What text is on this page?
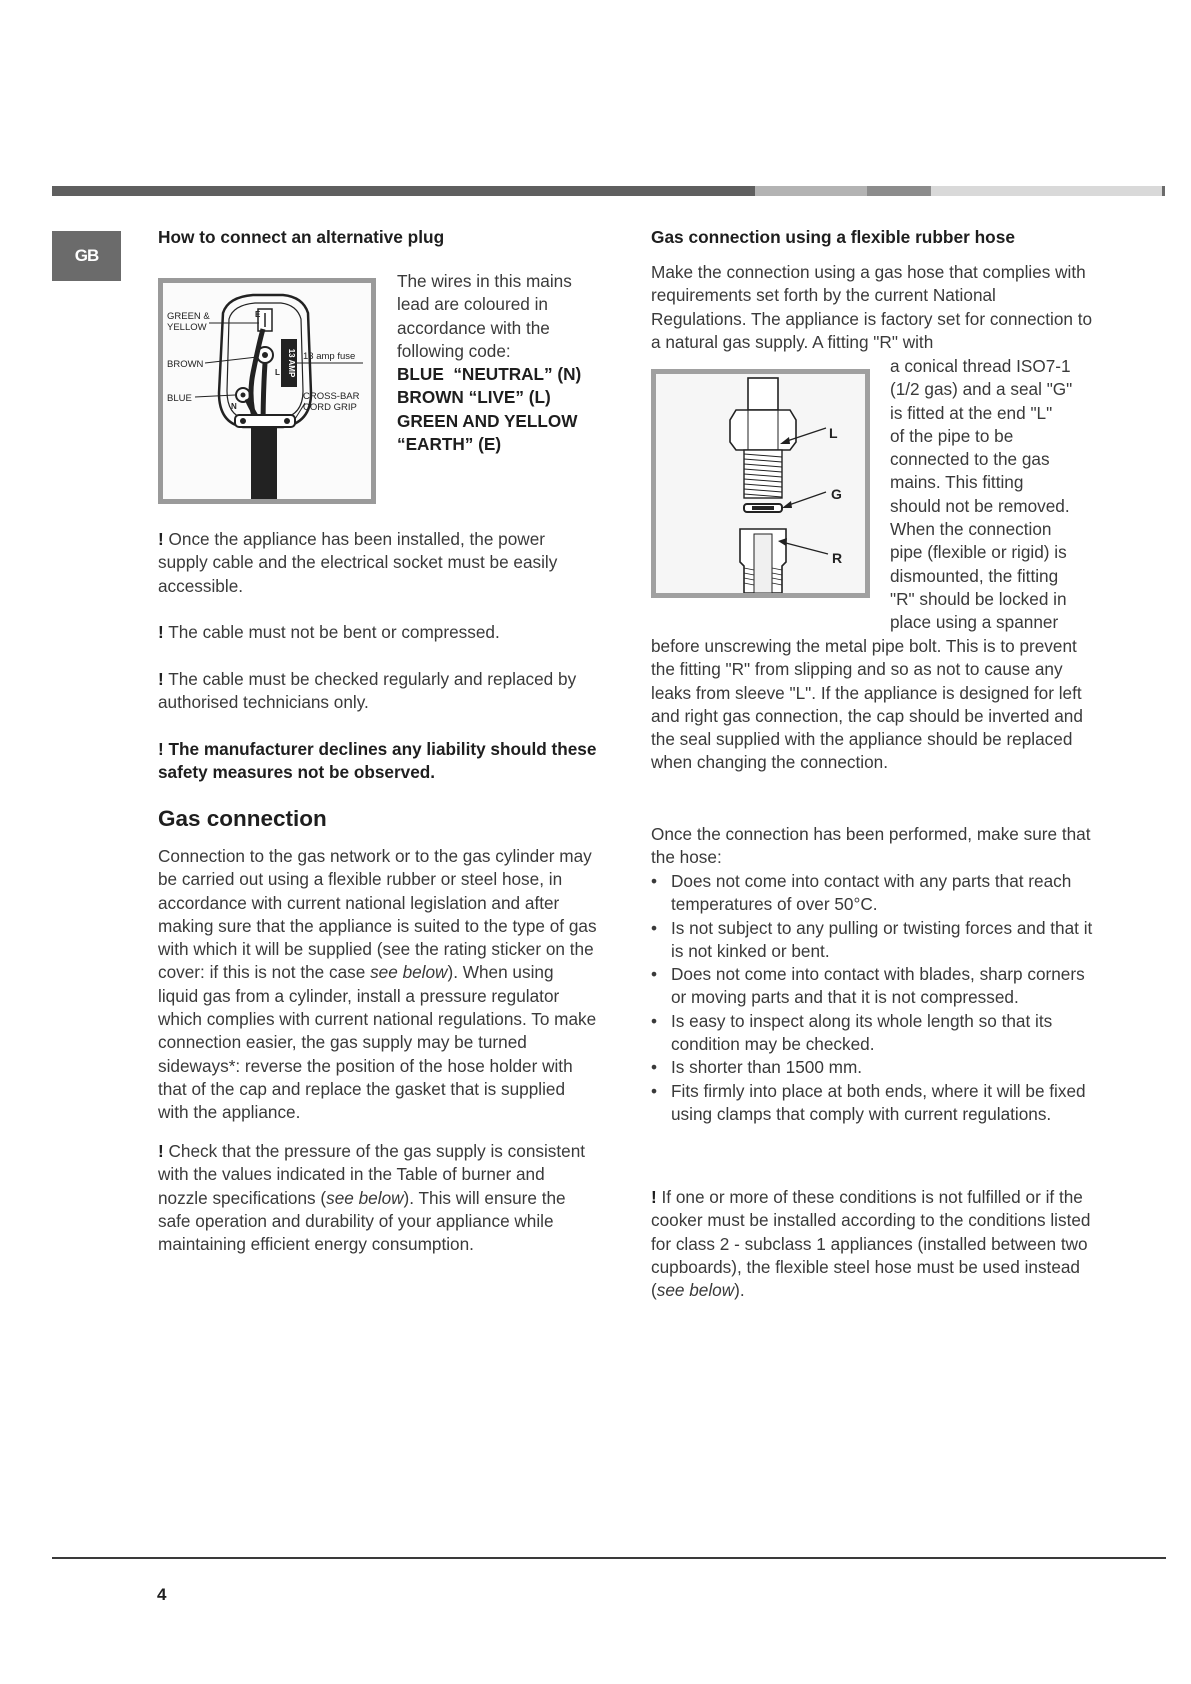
GB
How to connect an alternative plug
13 AMP
E
L
N
GREEN &
YELLOW
BROWN
BLUE
13 amp fuse
CROSS-BAR
CORD GRIP
The wires in this mains
lead are coloured in
accordance with the
following code:
BLUE  “NEUTRAL” (N)
BROWN “LIVE” (L)
GREEN AND YELLOW
“EARTH” (E)
! Once the appliance has been installed, the power supply cable and the electrical socket must be easily accessible.
! The cable must not be bent or compressed.
! The cable must be checked regularly and replaced by authorised technicians only.
! The manufacturer declines any liability should these safety measures not be observed.
Gas connection
Connection to the gas network or to the gas cylinder may be carried out using a flexible rubber or steel hose, in accordance with current national legislation and after making sure that the appliance is suited to the type of gas with which it will be supplied (see the rating sticker on the cover: if this is not the case see below). When using liquid gas from a cylinder, install a pressure regulator which complies with current national regulations. To make connection easier, the gas supply may be turned sideways*: reverse the position of the hose holder with that of the cap and replace the gasket that is supplied with the appliance.
! Check that the pressure of the gas supply is consistent with the values indicated in the Table of burner and nozzle specifications (see below). This will ensure the safe operation and durability of your appliance while maintaining efficient energy consumption.
Gas connection using a flexible rubber hose
Make the connection using a gas hose that complies with requirements set forth by the current National Regulations. The appliance is factory set for connection to a natural gas supply. A fitting "R" with
L
G
R
a conical thread ISO7-1
(1/2 gas) and a seal "G"
is fitted at the end "L"
of the pipe to be
connected to the gas
mains. This fitting
should not be removed.
When the connection
pipe (flexible or rigid) is
dismounted, the fitting
"R" should be locked in
place using a spanner
before unscrewing the metal pipe bolt. This is to prevent the fitting "R" from slipping and so as not to cause any leaks from sleeve "L". If the appliance is designed for left and right gas connection, the cap should be inverted and the seal supplied with the appliance should be replaced when changing the connection.
Once the connection has been performed, make sure that the hose:
• Does not come into contact with any parts that reach temperatures of over 50°C.
• Is not subject to any pulling or twisting forces and that it is not kinked or bent.
• Does not come into contact with blades, sharp corners or moving parts and that it is not compressed.
• Is easy to inspect along its whole length so that its condition may be checked.
• Is shorter than 1500 mm.
• Fits firmly into place at both ends, where it will be fixed using clamps that comply with current regulations.
! If one or more of these conditions is not fulfilled or if the cooker must be installed according to the conditions listed for class 2 - subclass 1 appliances (installed between two cupboards), the flexible steel hose must be used instead (see below).
4
